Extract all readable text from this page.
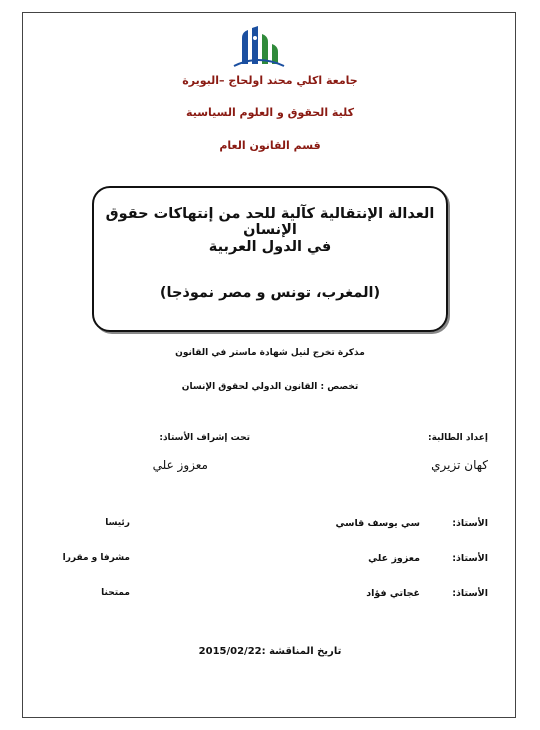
جامعة اكلي محند اولحاج –البويرة
كلية الحقوق و العلوم السياسية
قسم القانون العام
العدالة الإنتقالية كآلية للحد من إنتهاكات حقوق الإنسان
في الدول العربية
(المغرب، تونس و مصر نموذجا)
مذكرة تخرج لنيل شهادة ماستر في القانون
تخصص : القانون الدولي لحقوق الإنسان
إعداد الطالبة:
كهان تزيري
تحت إشراف الأستاذ:
معزوز علي
الأستاذ:
سي يوسف قاسي
رئيسا
الأستاذ:
معزوز علي
مشرفا و مقررا
الأستاذ:
غجاتي فؤاد
ممتحنا
تاريخ المناقشة :2015/02/22
